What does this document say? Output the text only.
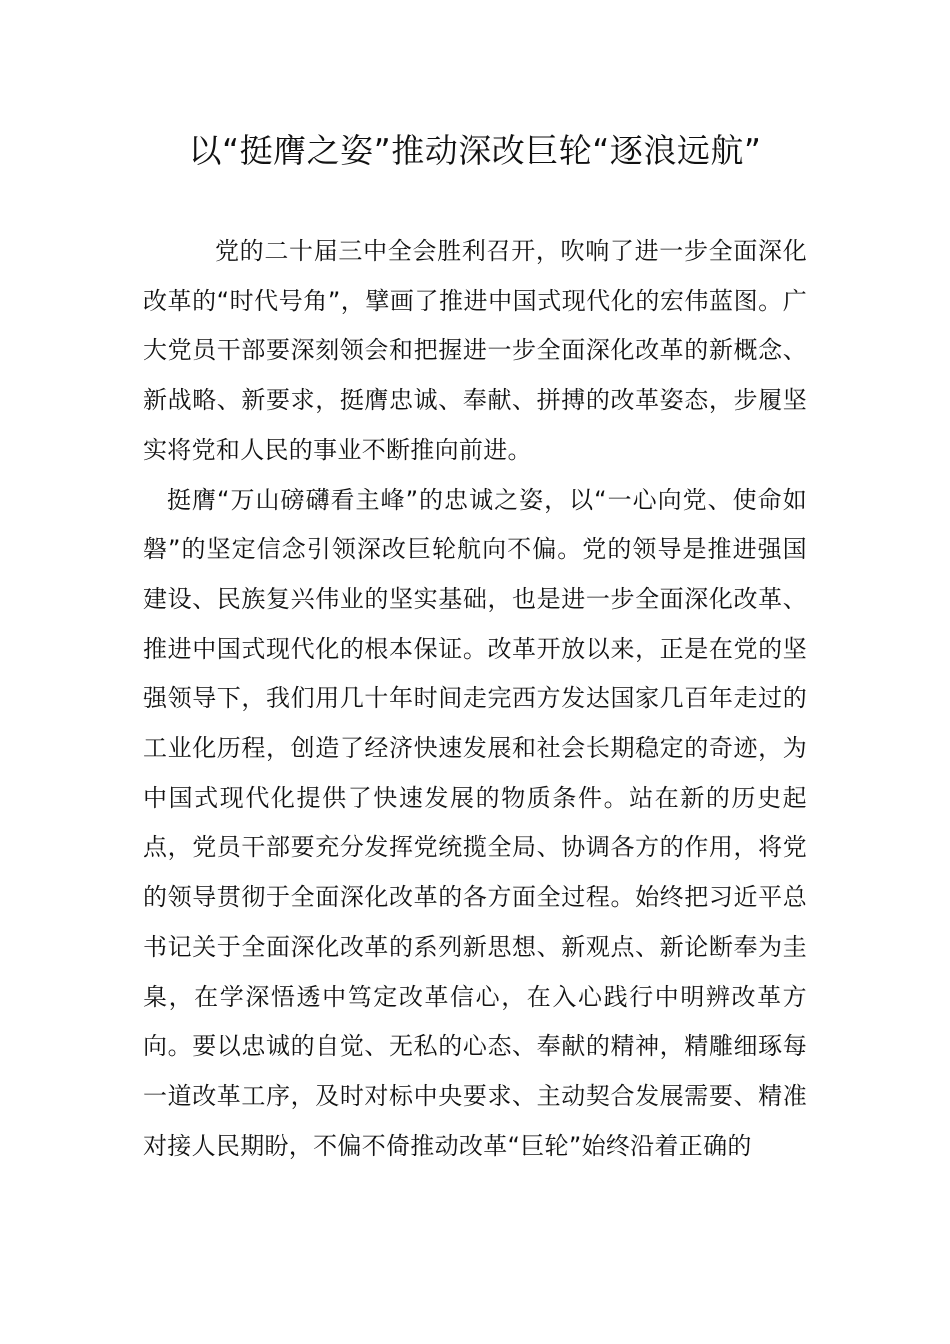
以“挺膺之姿”推动深改巨轮“逐浪远航”

党的二十届三中全会胜利召开，吹响了进一步全面深化改革的“时代号角”，擘画了推进中国式现代化的宏伟蓝图。广大党员干部要深刻领会和把握进一步全面深化改革的新概念、新战略、新要求，挺膺忠诚、奉献、拼搏的改革姿态，步履坚实将党和人民的事业不断推向前进。

挺膺“万山磅礴看主峰”的忠诚之姿，以“一心向党、使命如磐”的坚定信念引领深改巨轮航向不偏。党的领导是推进强国建设、民族复兴伟业的坚实基础，也是进一步全面深化改革、推进中国式现代化的根本保证。改革开放以来，正是在党的坚强领导下，我们用几十年时间走完西方发达国家几百年走过的工业化历程，创造了经济快速发展和社会长期稳定的奇迹，为中国式现代化提供了快速发展的物质条件。站在新的历史起点，党员干部要充分发挥党统揽全局、协调各方的作用，将党的领导贯彻于全面深化改革的各方面全过程。始终把习近平总书记关于全面深化改革的系列新思想、新观点、新论断奉为圭臬，在学深悟透中笃定改革信心，在入心践行中明辨改革方向。要以忠诚的自觉、无私的心态、奉献的精神，精雕细琢每一道改革工序，及时对标中央要求、主动契合发展需要、精准对接人民期盼，不偏不倚推动改革“巨轮”始终沿着正确的
